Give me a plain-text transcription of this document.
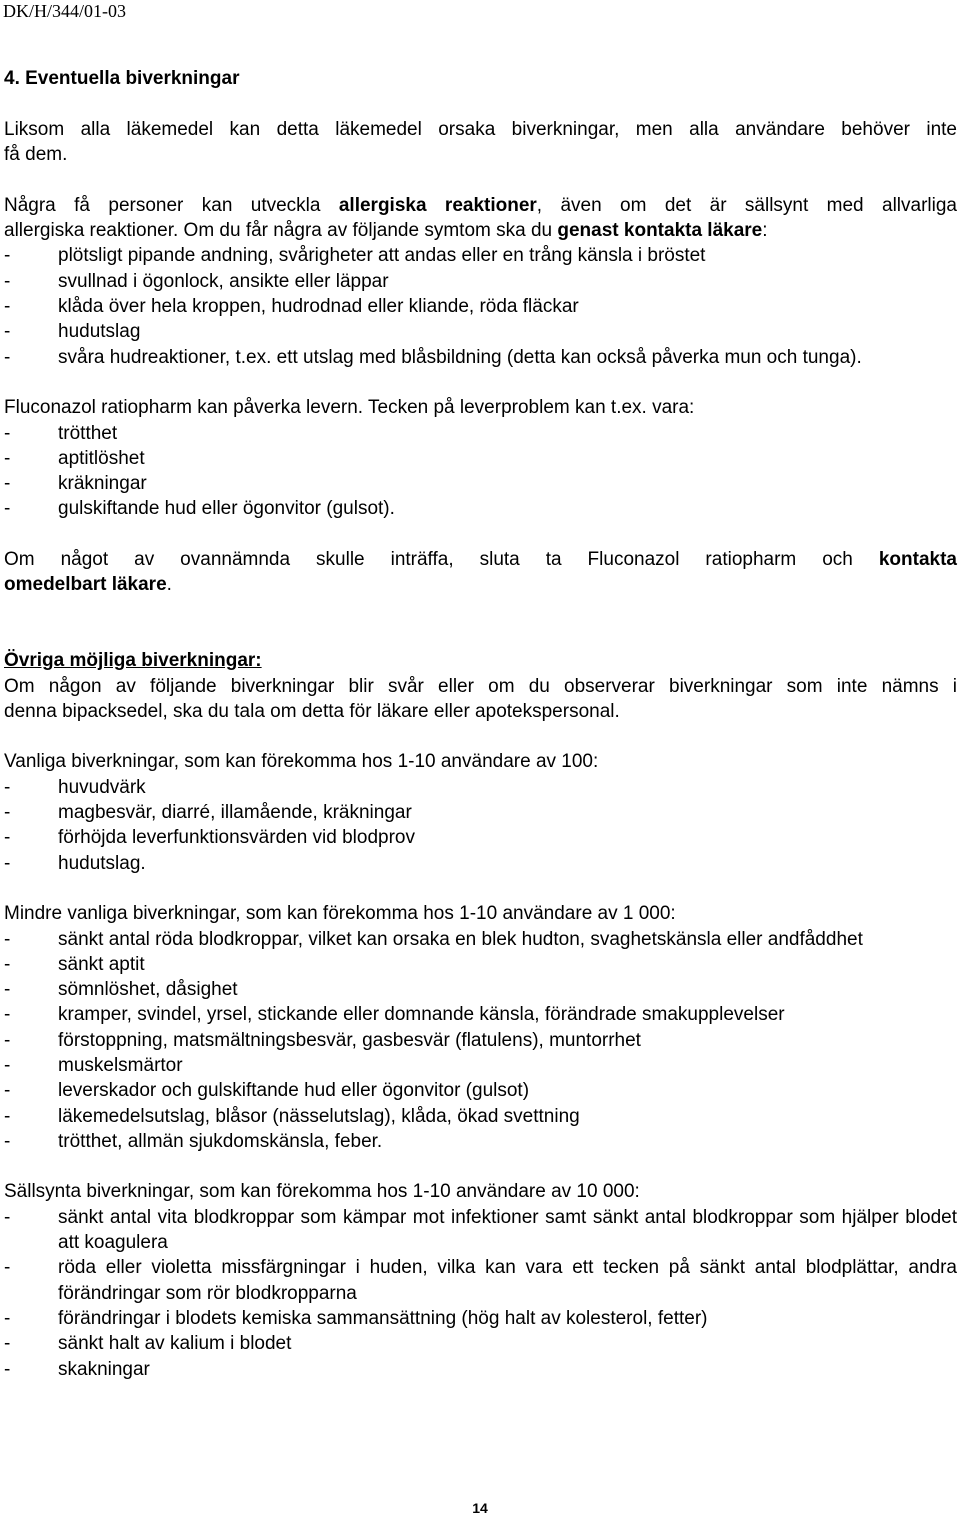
DK/H/344/01-03
4. Eventuella biverkningar
Liksom alla läkemedel kan detta läkemedel orsaka biverkningar, men alla användare behöver inte
få dem.
Några få personer kan utveckla allergiska reaktioner, även om det är sällsynt med allvarliga
allergiska reaktioner. Om du får några av följande symtom ska du genast kontakta läkare:
-	plötsligt pipande andning, svårigheter att andas eller en trång känsla i bröstet
-	svullnad i ögonlock, ansikte eller läppar
-	klåda över hela kroppen, hudrodnad eller kliande, röda fläckar
-	hudutslag
-	svåra hudreaktioner, t.ex. ett utslag med blåsbildning (detta kan också påverka mun och tunga).
Fluconazol ratiopharm kan påverka levern. Tecken på leverproblem kan t.ex. vara:
-	trötthet
-	aptitlöshet
-	kräkningar
-	gulskiftande hud eller ögonvitor (gulsot).
Om något av ovannämnda skulle inträffa, sluta ta Fluconazol ratiopharm och kontakta
omedelbart läkare.
Övriga möjliga biverkningar:
Om någon av följande biverkningar blir svår eller om du observerar biverkningar som inte nämns i
denna bipacksedel, ska du tala om detta för läkare eller apotekspersonal.
Vanliga biverkningar, som kan förekomma hos 1-10 användare av 100:
-	huvudvärk
-	magbesvär, diarré, illamående, kräkningar
-	förhöjda leverfunktionsvärden vid blodprov
-	hudutslag.
Mindre vanliga biverkningar, som kan förekomma hos 1-10 användare av 1 000:
-	sänkt antal röda blodkroppar, vilket kan orsaka en blek hudton, svaghetskänsla eller andfåddhet
-	sänkt aptit
-	sömnlöshet, dåsighet
-	kramper, svindel, yrsel, stickande eller domnande känsla, förändrade smakupplevelser
-	förstoppning, matsmältningsbesvär, gasbesvär (flatulens), muntorrhet
-	muskelsmärtor
-	leverskador och gulskiftande hud eller ögonvitor (gulsot)
-	läkemedelsutslag, blåsor (nässelutslag), klåda, ökad svettning
-	trötthet, allmän sjukdomskänsla, feber.
Sällsynta biverkningar, som kan förekomma hos 1-10 användare av 10 000:
-	sänkt antal vita blodkroppar som kämpar mot infektioner samt sänkt antal blodkroppar som hjälper blodet att koagulera
-	röda eller violetta missfärgningar i huden, vilka kan vara ett tecken på sänkt antal blodplättar, andra förändringar som rör blodkropparna
-	förändringar i blodets kemiska sammansättning (hög halt av kolesterol, fetter)
-	sänkt halt av kalium i blodet
-	skakningar
14
